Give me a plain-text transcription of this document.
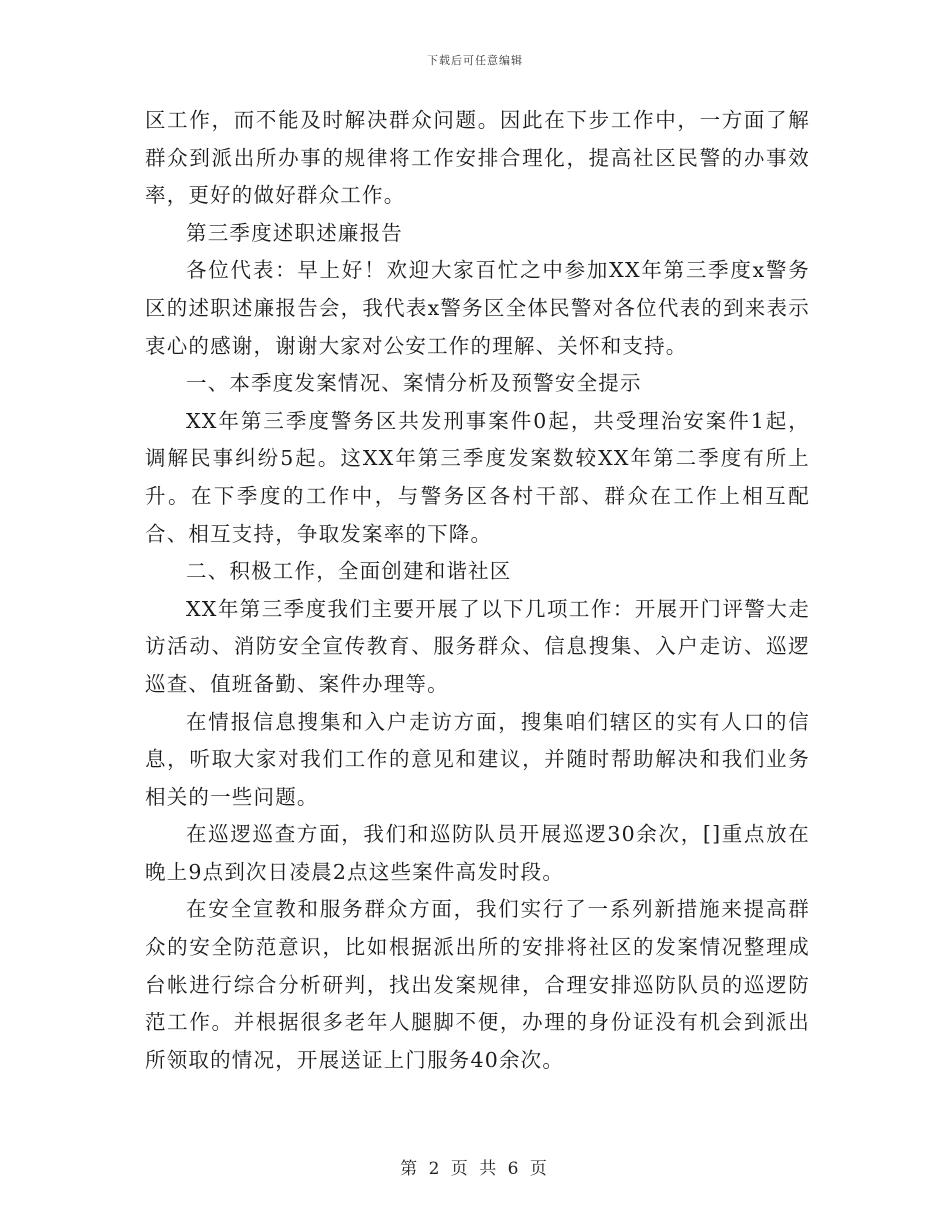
下载后可任意编辑

区工作，而不能及时解决群众问题。因此在下步工作中，一方面了解群众到派出所办事的规律将工作安排合理化，提高社区民警的办事效率，更好的做好群众工作。

第三季度述职述廉报告

各位代表：早上好！欢迎大家百忙之中参加XX年第三季度x警务区的述职述廉报告会，我代表x警务区全体民警对各位代表的到来表示衷心的感谢，谢谢大家对公安工作的理解、关怀和支持。

一、本季度发案情况、案情分析及预警安全提示

XX年第三季度警务区共发刑事案件0起，共受理治安案件1起，调解民事纠纷5起。这XX年第三季度发案数较XX年第二季度有所上升。在下季度的工作中，与警务区各村干部、群众在工作上相互配合、相互支持，争取发案率的下降。

二、积极工作，全面创建和谐社区

XX年第三季度我们主要开展了以下几项工作：开展开门评警大走访活动、消防安全宣传教育、服务群众、信息搜集、入户走访、巡逻巡查、值班备勤、案件办理等。

在情报信息搜集和入户走访方面，搜集咱们辖区的实有人口的信息，听取大家对我们工作的意见和建议，并随时帮助解决和我们业务相关的一些问题。

在巡逻巡查方面，我们和巡防队员开展巡逻30余次，[]重点放在晚上9点到次日凌晨2点这些案件高发时段。

在安全宣教和服务群众方面，我们实行了一系列新措施来提高群众的安全防范意识，比如根据派出所的安排将社区的发案情况整理成台帐进行综合分析研判，找出发案规律，合理安排巡防队员的巡逻防范工作。并根据很多老年人腿脚不便，办理的身份证没有机会到派出所领取的情况，开展送证上门服务40余次。

第 2 页 共 6 页
